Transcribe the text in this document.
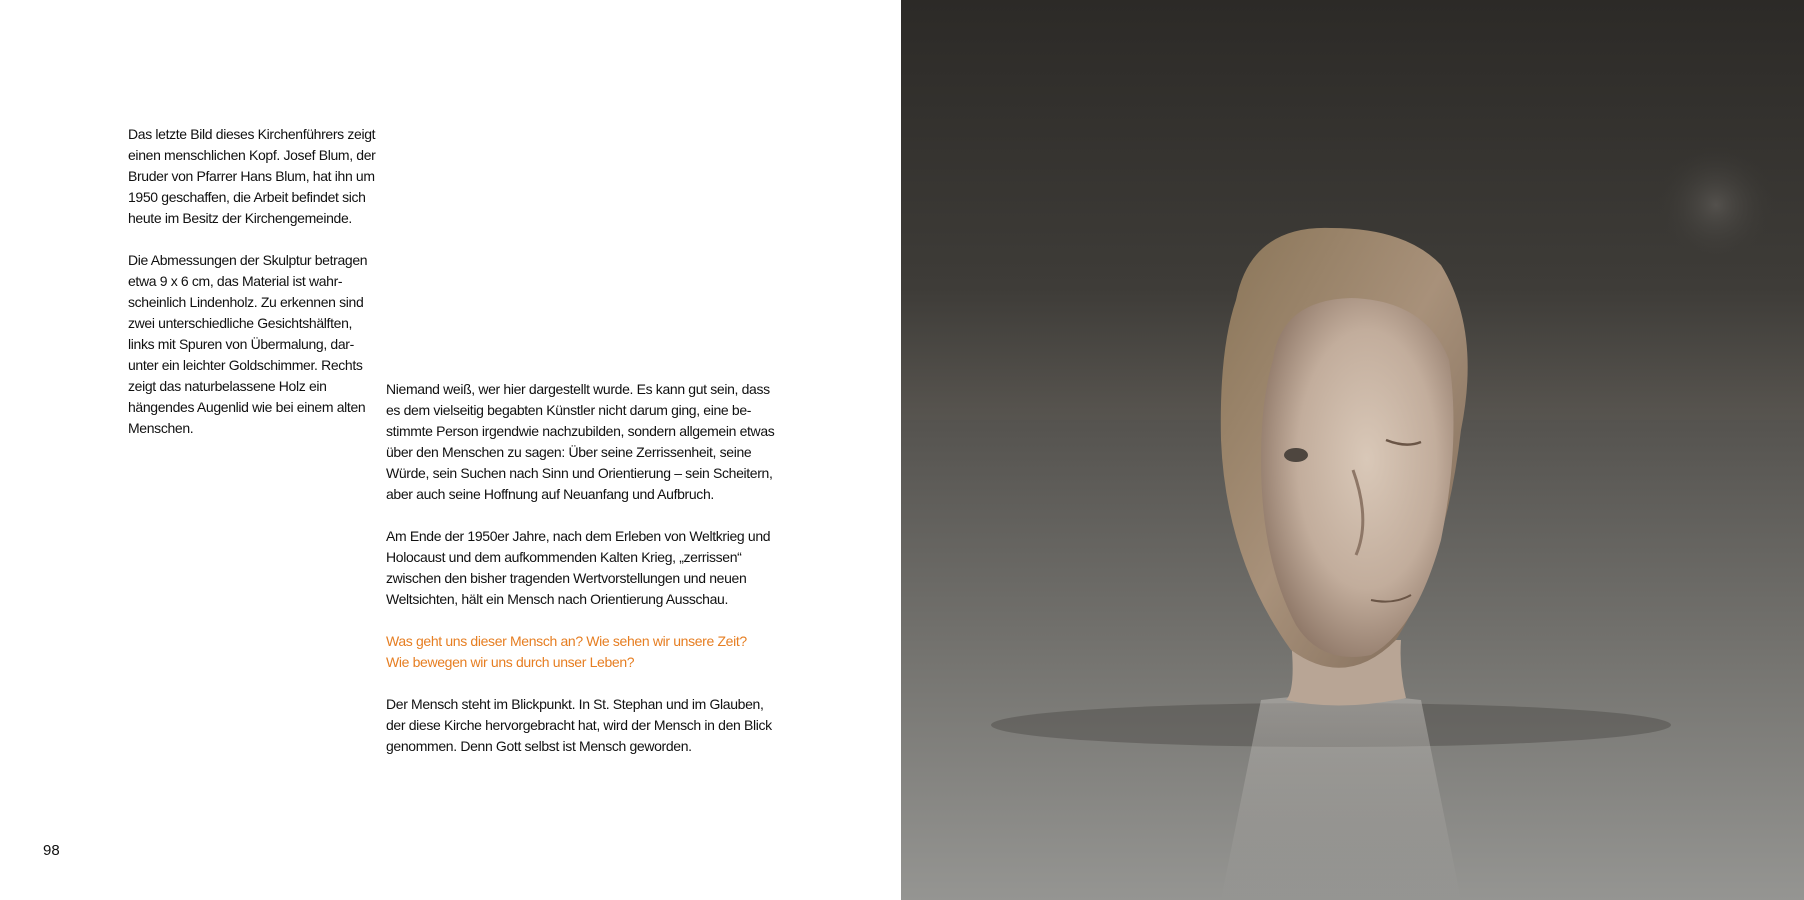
Das letzte Bild dieses Kirchenführers zeigt einen menschlichen Kopf. Josef Blum, der Bruder von Pfarrer Hans Blum, hat ihn um 1950 geschaffen, die Arbeit befindet sich heute im Besitz der Kirchengemeinde.

Die Abmessungen der Skulptur betragen etwa 9 x 6 cm, das Material ist wahr-scheinlich Lindenholz. Zu erkennen sind zwei unterschiedliche Gesichtshälften, links mit Spuren von Übermalung, dar-unter ein leichter Goldschimmer. Rechts zeigt das naturbelassene Holz ein hängendes Augenlid wie bei einem alten Menschen.

Niemand weiß, wer hier dargestellt wurde. Es kann gut sein, dass es dem vielseitig begabten Künstler nicht darum ging, eine be-stimmte Person irgendwie nachzubilden, sondern allgemein etwas über den Menschen zu sagen: Über seine Zerrissenheit, seine Würde, sein Suchen nach Sinn und Orientierung – sein Scheitern, aber auch seine Hoffnung auf Neuanfang und Aufbruch.

Am Ende der 1950er Jahre, nach dem Erleben von Weltkrieg und Holocaust und dem aufkommenden Kalten Krieg, „zerrissen“ zwischen den bisher tragenden Wertvorstellungen und neuen Weltsichten, hält ein Mensch nach Orientierung Ausschau.

Was geht uns dieser Mensch an? Wie sehen wir unsere Zeit?
Wie bewegen wir uns durch unser Leben?

Der Mensch steht im Blickpunkt. In St. Stephan und im Glauben, der diese Kirche hervorgebracht hat, wird der Mensch in den Blick genommen. Denn Gott selbst ist Mensch geworden.

98
